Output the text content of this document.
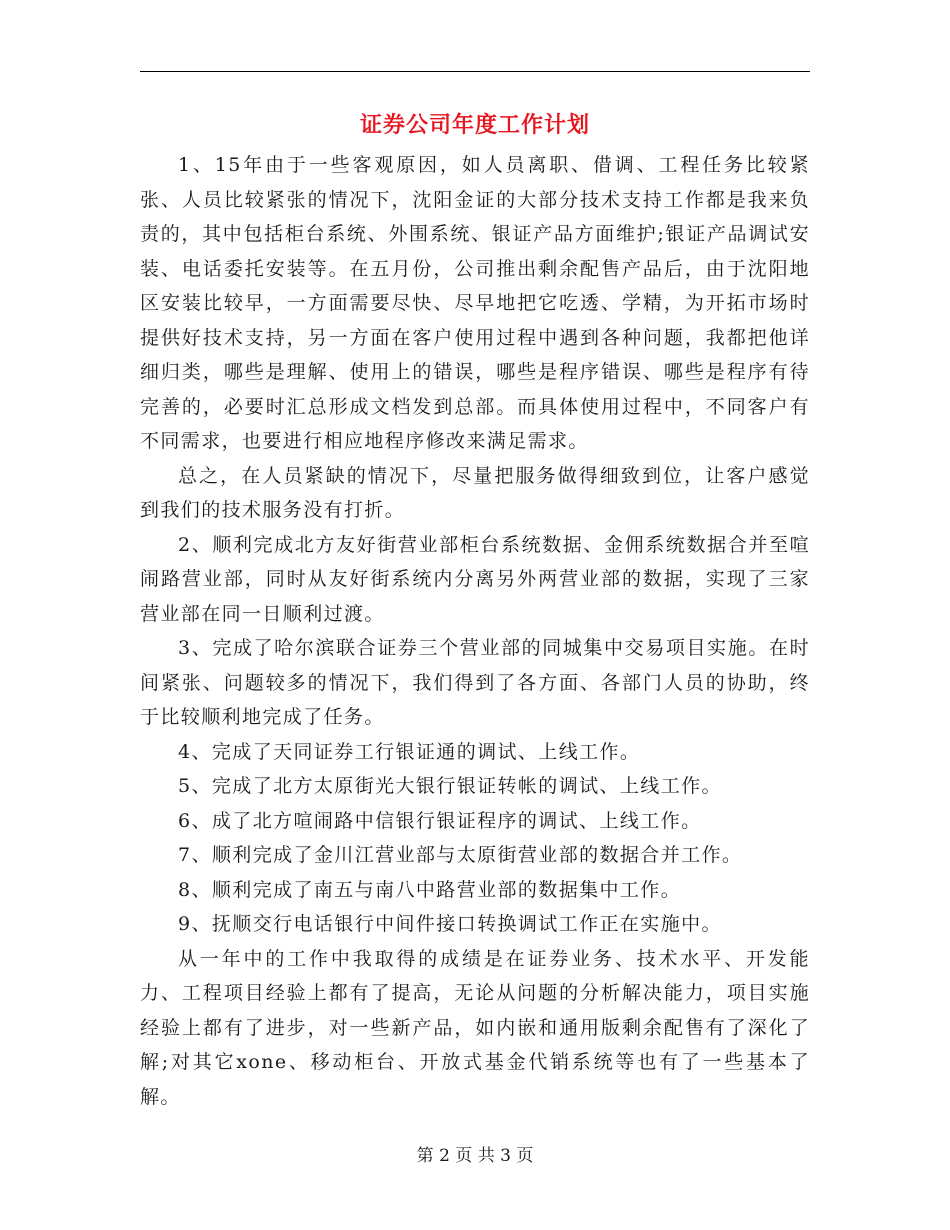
证券公司年度工作计划

1、15年由于一些客观原因，如人员离职、借调、工程任务比较紧张、人员比较紧张的情况下，沈阳金证的大部分技术支持工作都是我来负责的，其中包括柜台系统、外围系统、银证产品方面维护;银证产品调试安装、电话委托安装等。在五月份，公司推出剩余配售产品后，由于沈阳地区安装比较早，一方面需要尽快、尽早地把它吃透、学精，为开拓市场时提供好技术支持，另一方面在客户使用过程中遇到各种问题，我都把他详细归类，哪些是理解、使用上的错误，哪些是程序错误、哪些是程序有待完善的，必要时汇总形成文档发到总部。而具体使用过程中，不同客户有不同需求，也要进行相应地程序修改来满足需求。

总之，在人员紧缺的情况下，尽量把服务做得细致到位，让客户感觉到我们的技术服务没有打折。

2、顺利完成北方友好街营业部柜台系统数据、金佣系统数据合并至喧闹路营业部，同时从友好街系统内分离另外两营业部的数据，实现了三家营业部在同一日顺利过渡。

3、完成了哈尔滨联合证券三个营业部的同城集中交易项目实施。在时间紧张、问题较多的情况下，我们得到了各方面、各部门人员的协助，终于比较顺利地完成了任务。

4、完成了天同证券工行银证通的调试、上线工作。

5、完成了北方太原街光大银行银证转帐的调试、上线工作。

6、成了北方喧闹路中信银行银证程序的调试、上线工作。

7、顺利完成了金川江营业部与太原街营业部的数据合并工作。

8、顺利完成了南五与南八中路营业部的数据集中工作。

9、抚顺交行电话银行中间件接口转换调试工作正在实施中。

从一年中的工作中我取得的成绩是在证券业务、技术水平、开发能力、工程项目经验上都有了提高，无论从问题的分析解决能力，项目实施经验上都有了进步，对一些新产品，如内嵌和通用版剩余配售有了深化了解;对其它xone、移动柜台、开放式基金代销系统等也有了一些基本了解。

第 2 页 共 3 页
